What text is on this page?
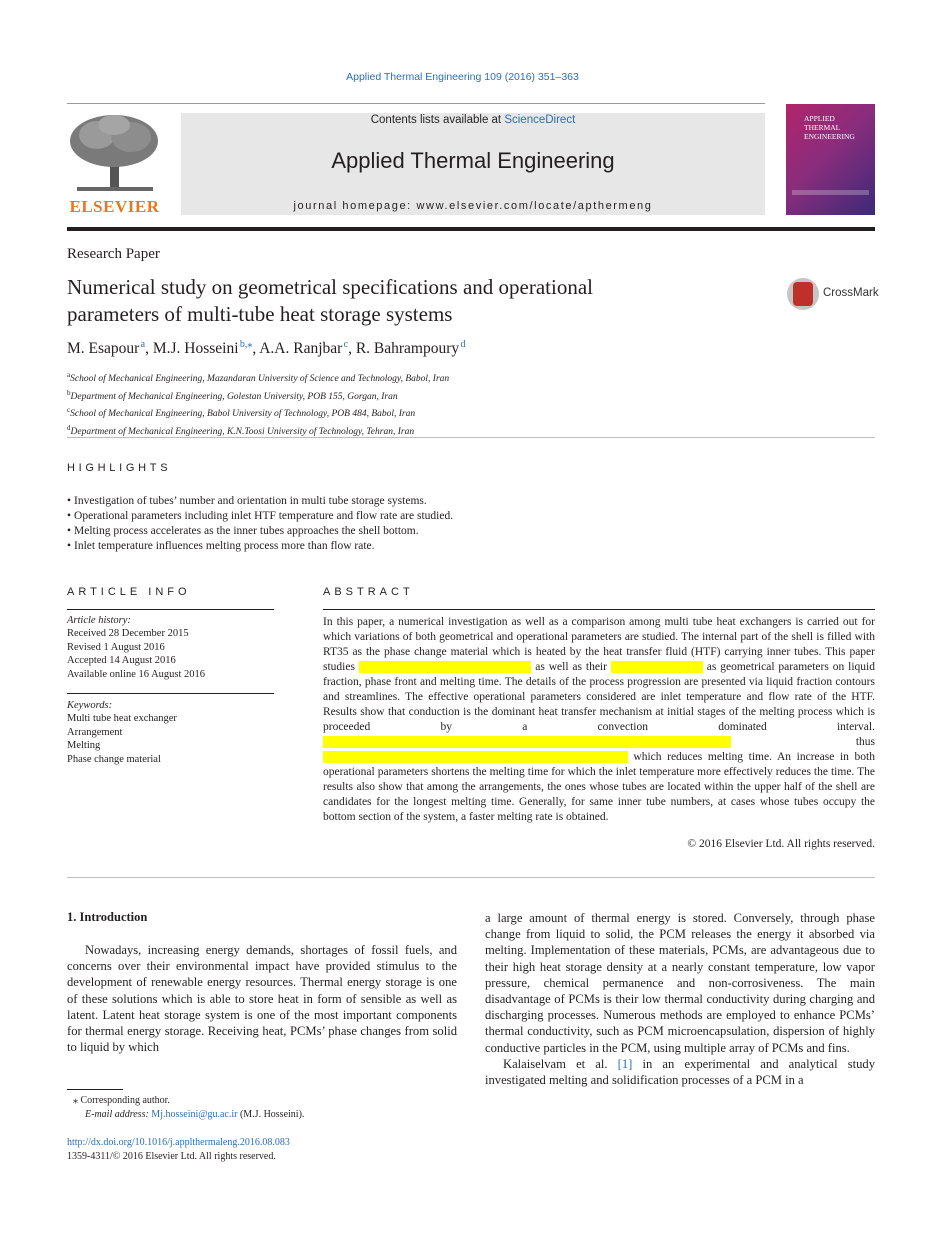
Applied Thermal Engineering 109 (2016) 351–363
ELSEVIER
Contents lists available at ScienceDirect
Applied Thermal Engineering
journal homepage: www.elsevier.com/locate/apthermeng
APPLIED
THERMAL
ENGINEERING
Research Paper
Numerical study on geometrical specifications and operational
parameters of multi-tube heat storage systems
CrossMark
M. Esapour $^a$, M.J. Hosseini $^{b,⁎}$, A.A. Ranjbar $^c$, R. Bahrampoury $^d$
$^a$School of Mechanical Engineering, Mazandaran University of Science and Technology, Babol, Iran
$^b$Department of Mechanical Engineering, Golestan University, POB 155, Gorgan, Iran
$^c$School of Mechanical Engineering, Babol University of Technology, POB 484, Babol, Iran
$^d$Department of Mechanical Engineering, K.N.Toosi University of Technology, Tehran, Iran
HIGHLIGHTS
• Investigation of tubes’ number and orientation in multi tube storage systems.
• Operational parameters including inlet HTF temperature and flow rate are studied.
• Melting process accelerates as the inner tubes approaches the shell bottom.
• Inlet temperature influences melting process more than flow rate.
ARTICLE INFO	ABSTRACT
Article history:
Received 28 December 2015
Revised 1 August 2016
Accepted 14 August 2016
Available online 16 August 2016
Keywords:
Multi tube heat exchanger
Arrangement
Melting
Phase change material
In this paper, a numerical investigation as well as a comparison among multi tube heat exchangers is carried out for which variations of both geometrical and operational parameters are studied. The internal part of the shell is filled with RT35 as the phase change material which is heated by the heat transfer fluid (HTF) carrying inner tubes. This paper studies                               	as well as their                 	as geometrical parameters on liquid fraction, phase front and melting time. The details of the process progression are presented via liquid fraction contours and streamlines. The effective operational parameters considered are inlet temperature and flow rate of the HTF. Results show that conduction is the dominant heat transfer mechanism at initial stages of the melting process which is proceeded by a convection dominated interval.                                                                         thus                                                       which reduces melting time. An increase in both operational parameters shortens the melting time for which the inlet temperature more effectively reduces the time. The results also show that among the arrangements, the ones whose tubes are located within the upper half of the shell are candidates for the longest melting time. Generally, for same inner tube numbers, at cases whose tubes occupy the bottom section of the system, a faster melting rate is obtained.
© 2016 Elsevier Ltd. All rights reserved.
1. Introduction
Nowadays, increasing energy demands, shortages of fossil fuels, and concerns over their environmental impact have provided stimulus to the development of renewable energy resources. Thermal energy storage is one of these solutions which is able to store heat in form of sensible as well as latent. Latent heat storage system is one of the most important components for thermal energy storage. Receiving heat, PCMs’ phase changes from solid to liquid by which
a large amount of thermal energy is stored. Conversely, through phase change from liquid to solid, the PCM releases the energy it absorbed via melting. Implementation of these materials, PCMs, are advantageous due to their high heat storage density at a nearly constant temperature, low vapor pressure, chemical permanence and non-corrosiveness. The main disadvantage of PCMs is their low thermal conductivity during charging and discharging processes. Numerous methods are employed to enhance PCMs’ thermal conductivity, such as PCM microencapsulation, dispersion of highly conductive particles in the PCM, using multiple array of PCMs and fins.
Kalaiselvam et al. [1] in an experimental and analytical study investigated melting and solidification processes of a PCM in a
⁎ Corresponding author.
E-mail address: Mj.hosseini@gu.ac.ir (M.J. Hosseini).
http://dx.doi.org/10.1016/j.applthermaleng.2016.08.083
1359-4311/© 2016 Elsevier Ltd. All rights reserved.
